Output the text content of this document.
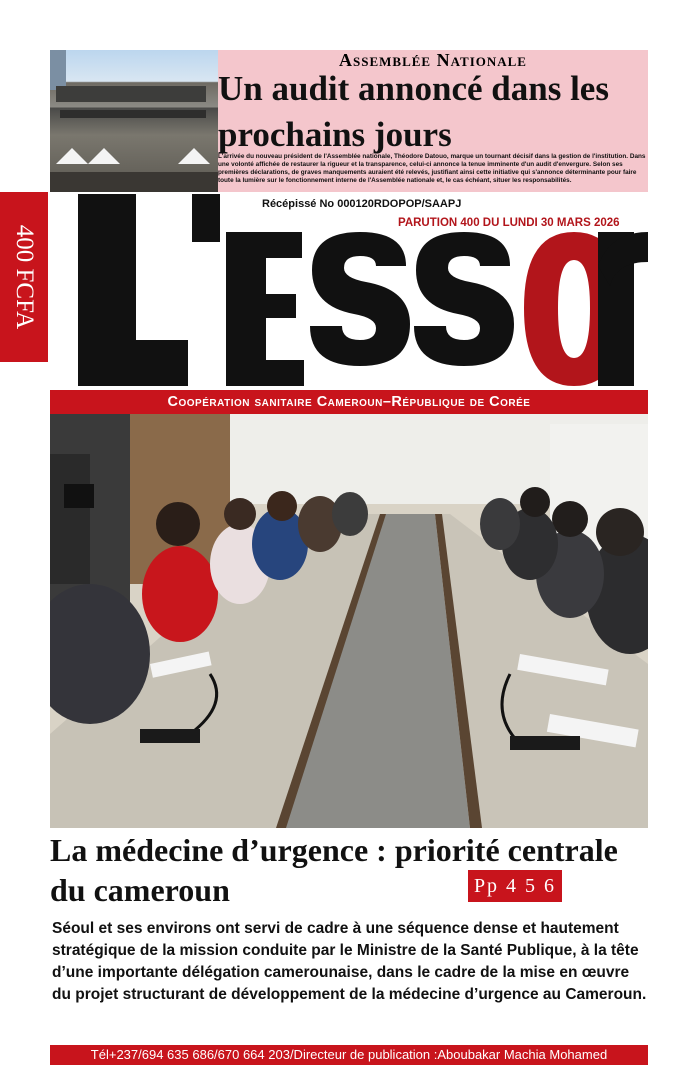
Assemblée Nationale
Un audit annoncé dans les prochains jours
L'arrivée du nouveau président de l'Assemblée nationale, Théodore Datouo, marque un tournant décisif dans la gestion de l'institution. Dans une volonté affichée de restaurer la rigueur et la transparence, celui-ci annonce la tenue imminente d'un audit d'envergure. Selon ses premières déclarations, de graves manquements auraient été relevés, justifiant ainsi cette initiative qui s'annonce déterminante pour faire toute la lumière sur le fonctionnement interne de l'Assemblée nationale et, le cas échéant, situer les responsabilités.
400 FCFA
Récépissé No 000120RDOPOP/SAAPJ
PARUTION 400 DU LUNDI 30 MARS 2026
Coopération sanitaire Cameroun–République de Corée
La médecine d’urgence : priorité centrale du cameroun	Pp 4 5 6
Séoul et ses environs ont servi de cadre à une séquence dense et hautement stratégique de la mission conduite par le Ministre de la Santé Publique, à la tête d’une importante délégation camerounaise, dans le cadre de la mise en œuvre du projet structurant de développement de la médecine d’urgence au Cameroun.
Tél+237/694 635 686/670 664 203/Directeur de publication :Aboubakar Machia Mohamed
